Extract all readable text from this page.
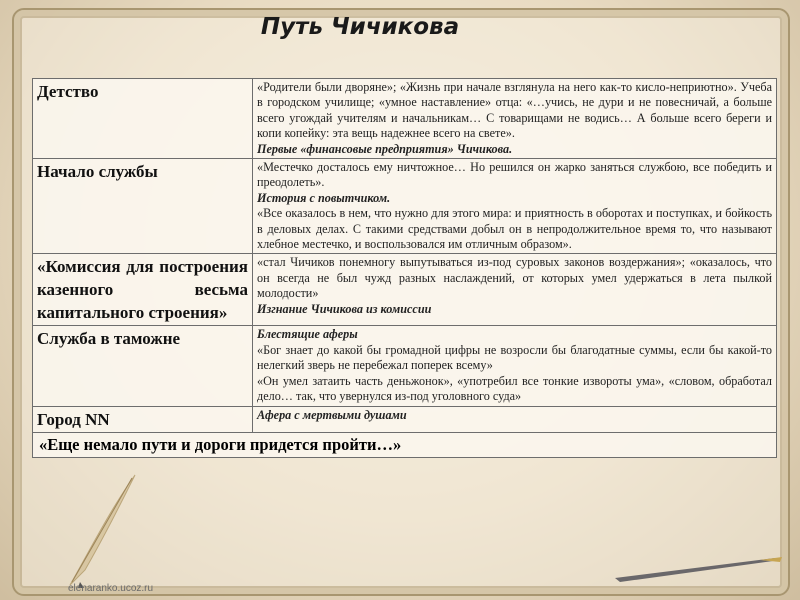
Путь Чичикова
Детство	«Родители были дворяне»; «Жизнь при начале взглянула на него как-то кисло-неприютно». Учеба в городском училище; «умное наставление» отца: «…учись, не дури и не повесничай, а больше всего угождай учителям и начальникам… С товарищами не водись… А больше всего береги и копи копейку: эта вещь надежнее всего на свете».

Первые «финансовые предприятия» Чичикова.

Начало службы	«Местечко досталось ему ничтожное… Но решился он жарко заняться службою, все победить и преодолеть».

История с повытчиком.

«Все оказалось в нем, что нужно для этого мира: и приятность в оборотах и поступках, и бойкость в деловых делах. С такими средствами добыл он в непродолжительное время то, что называют хлебное местечко, и воспользовался им отличным образом».

«Комиссия для построения казенного весьма капитального строения»	«стал Чичиков понемногу выпутываться из-под суровых законов воздержания»; «оказалось, что он всегда не был чужд разных наслаждений, от которых умел удержаться в лета пылкой молодости»

Изгнание Чичикова из комиссии

Служба в таможне	Блестящие аферы

«Бог знает до какой бы громадной цифры не возросли бы благодатные суммы, если бы какой-то нелегкий зверь не перебежал поперек всему»

«Он умел затаить часть деньжонок», «употребил все тонкие извороты ума», «словом, обработал дело… так, что увернулся из-под уголовного суда»

Город NN	Афера с мертвыми душами

«Еще немало пути и дороги придется пройти…»	
elenaranko.ucoz.ru
